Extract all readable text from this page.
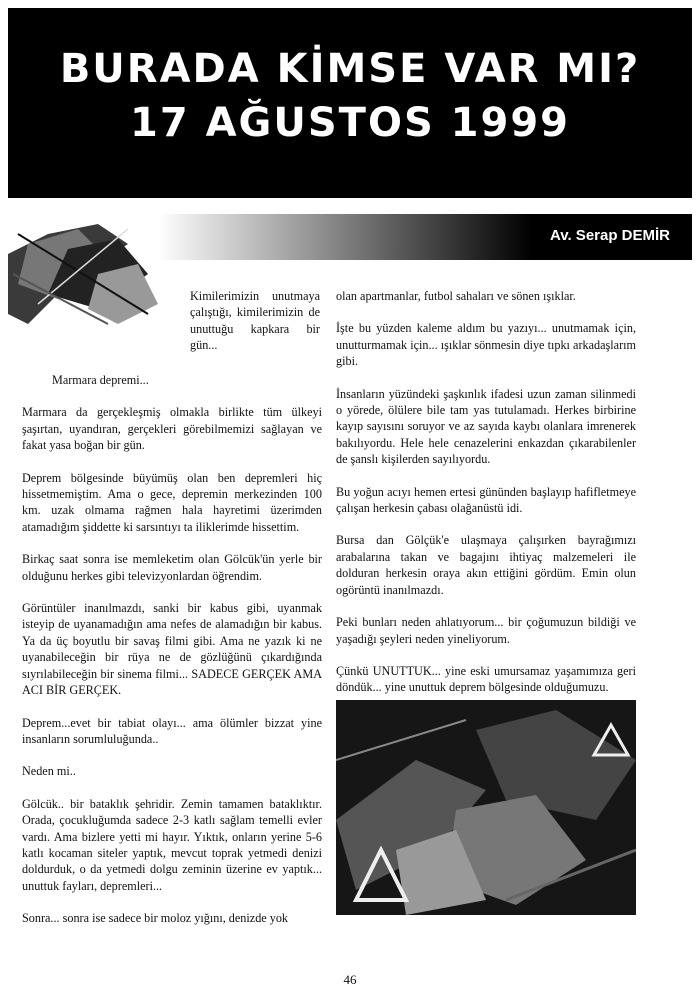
BURADA KİMSE VAR MI?
17 AĞUSTOS 1999
Av. Serap DEMİR
Kimilerimizin unutmaya çalıştığı, kimilerimizin de unuttuğu kapkara bir gün...

Marmara depremi...

Marmara da gerçekleşmiş olmakla birlikte tüm ülkeyi şaşırtan, uyandıran, gerçekleri görebilmemizi sağlayan ve fakat yasa boğan bir gün.

Deprem bölgesinde büyümüş olan ben depremleri hiç hissetmemiştim. Ama o gece, depremin merkezinden 100 km. uzak olmama rağmen hala hayretimi üzerimden atamadığım şiddette ki sarsıntıyı ta iliklerimde hissettim.

Birkaç saat sonra ise memleketim olan Gölcük'ün yerle bir olduğunu herkes gibi televizyonlardan öğrendim.

Görüntüler inanılmazdı, sanki bir kabus gibi, uyanmak isteyip de uyanamadığın ama nefes de alamadığın bir kabus. Ya da üç boyutlu bir savaş filmi gibi. Ama ne yazık ki ne uyanabileceğin bir rüya ne de gözlüğünü çıkardığında sıyrılabileceğin bir sinema filmi... SADECE GERÇEK AMA ACI BİR GERÇEK.

Deprem...evet bir tabiat olayı... ama ölümler bizzat yine insanların sorumluluğunda..

Neden mi..

Gölcük.. bir bataklık şehridir. Zemin tamamen bataklıktır. Orada, çocukluğumda sadece 2-3 katlı sağlam temelli evler vardı. Ama bizlere yetti mi hayır. Yıktık, onların yerine 5-6 katlı kocaman siteler yaptık, mevcut toprak yetmedi denizi doldurduk, o da yetmedi dolgu zeminin üzerine ev yaptık... unuttuk fayları, depremleri...

Sonra... sonra ise sadece bir moloz yığını, denizde yok

olan apartmanlar, futbol sahaları ve sönen ışıklar.

İşte bu yüzden kaleme aldım bu yazıyı... unutmamak için, unutturmamak için... ışıklar sönmesin diye tıpkı arkadaşlarım gibi.

İnsanların yüzündeki şaşkınlık ifadesi uzun zaman silinmedi o yörede, ölülere bile tam yas tutulamadı. Herkes birbirine kayıp sayısını soruyor ve az sayıda kaybı olanlara imrenerek bakılıyordu. Hele hele cenazelerini enkazdan çıkarabilenler de şanslı kişilerden sayılıyordu.

Bu yoğun acıyı hemen ertesi gününden başlayıp hafifletmeye çalışan herkesin çabası olağanüstü idi.

Bursa dan Gölçük'e ulaşmaya çalışırken bayrağımızı arabalarına takan ve bagajını ihtiyaç malzemeleri ile dolduran herkesin oraya akın ettiğini gördüm. Emin olun ogörüntü inanılmazdı.

Peki bunları neden ahlatıyorum... bir çoğumuzun bildiği ve yaşadığı şeyleri neden yineliyorum.

Çünkü UNUTTUK... yine eski umursamaz yaşamımıza geri döndük... yine unuttuk deprem bölgesinde olduğumuzu.

46
